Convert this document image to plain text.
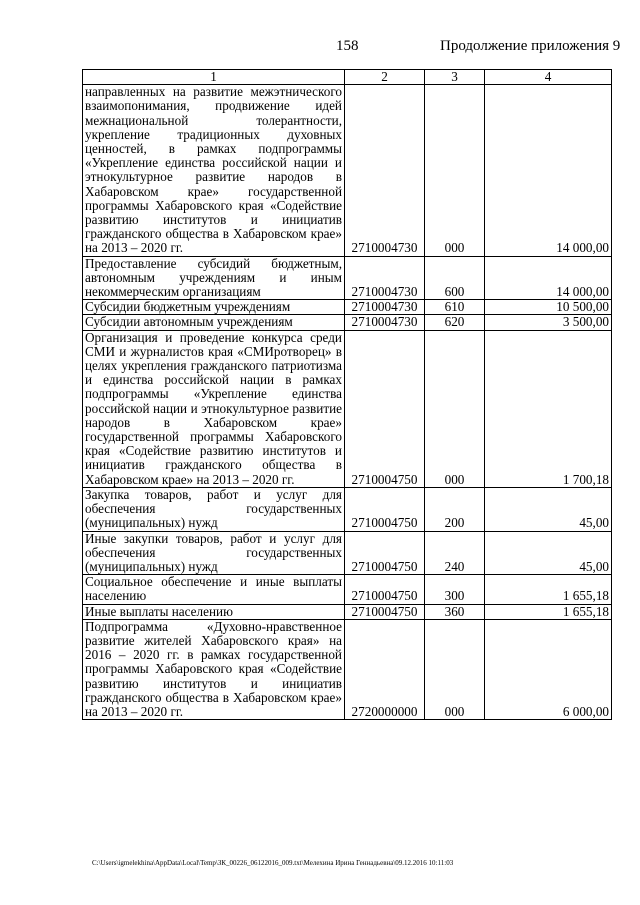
158	Продолжение приложения 9
1	2	3	4
направленных на развитие межэтнического взаимопонимания, продвижение идей межнациональной толерантности, укрепление традиционных духовных ценностей, в рамках подпрограммы «Укрепление единства российской нации и этнокультурное развитие народов в Хабаровском крае» государственной программы Хабаровского края «Содействие развитию институтов и инициатив гражданского общества в Хабаровском крае» на 2013 – 2020 гг.	2710004730	000	14 000,00
Предоставление субсидий бюджетным, автономным учреждениям и иным некоммерческим организациям	2710004730	600	14 000,00
Субсидии бюджетным учреждениям	2710004730	610	10 500,00
Субсидии автономным учреждениям	2710004730	620	3 500,00
Организация и проведение конкурса среди СМИ и журналистов края «СМИротворец» в целях укрепления гражданского патриотизма и единства российской нации в рамках подпрограммы «Укрепление единства российской нации и этнокультурное развитие народов в Хабаровском крае» государственной программы Хабаровского края «Содействие развитию институтов и инициатив гражданского общества в Хабаровском крае» на 2013 – 2020 гг.	2710004750	000	1 700,18
Закупка товаров, работ и услуг для обеспечения государственных (муниципальных) нужд	2710004750	200	45,00
Иные закупки товаров, работ и услуг для обеспечения государственных (муниципальных) нужд	2710004750	240	45,00
Социальное обеспечение и иные выплаты населению	2710004750	300	1 655,18
Иные выплаты населению	2710004750	360	1 655,18
Подпрограмма «Духовно-нравственное развитие жителей Хабаровского края» на 2016 – 2020 гг. в рамках государственной программы Хабаровского края «Содействие развитию институтов и инициатив гражданского общества в Хабаровском крае» на 2013 – 2020 гг.	2720000000	000	6 000,00
C:\Users\igmelekhina\AppData\Local\Temp\ЗК_00226_06122016_009.txt\Мелехина Ирина Геннадьевна\09.12.2016 10:11:03
